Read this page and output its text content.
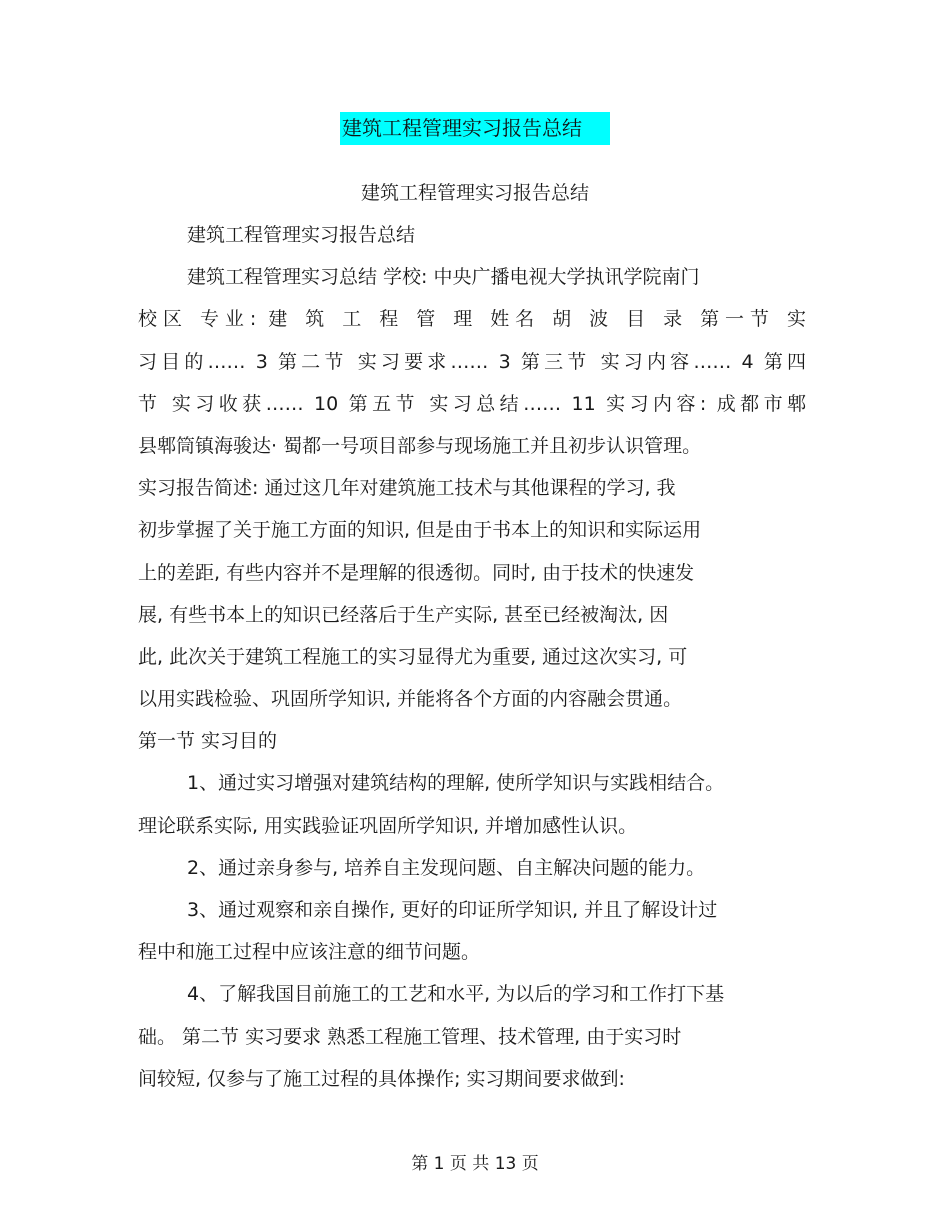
建筑工程管理实习报告总结
建筑工程管理实习报告总结
建筑工程管理实习报告总结
建筑工程管理实习总结 学校: 中央广播电视大学执讯学院南门
校区 专业: 建 筑 工 程 管 理 姓名 胡 波 目 录 第一节 实
习目的…… 3 第二节 实习要求…… 3 第三节 实习内容…… 4 第四
节 实习收获…… 10 第五节 实习总结…… 11 实习内容: 成都市郫
县郫筒镇海骏达· 蜀都一号项目部参与现场施工并且初步认识管理。
实习报告简述: 通过这几年对建筑施工技术与其他课程的学习, 我
初步掌握了关于施工方面的知识, 但是由于书本上的知识和实际运用
上的差距, 有些内容并不是理解的很透彻。同时, 由于技术的快速发
展, 有些书本上的知识已经落后于生产实际, 甚至已经被淘汰, 因
此, 此次关于建筑工程施工的实习显得尤为重要, 通过这次实习, 可
以用实践检验、巩固所学知识, 并能将各个方面的内容融会贯通。
第一节 实习目的
1、通过实习增强对建筑结构的理解, 使所学知识与实践相结合。
理论联系实际, 用实践验证巩固所学知识, 并增加感性认识。
2、通过亲身参与, 培养自主发现问题、自主解决问题的能力。
3、通过观察和亲自操作, 更好的印证所学知识, 并且了解设计过
程中和施工过程中应该注意的细节问题。
4、了解我国目前施工的工艺和水平, 为以后的学习和工作打下基
础。 第二节 实习要求 熟悉工程施工管理、技术管理, 由于实习时
间较短, 仅参与了施工过程的具体操作; 实习期间要求做到:
第 1 页 共 13 页
